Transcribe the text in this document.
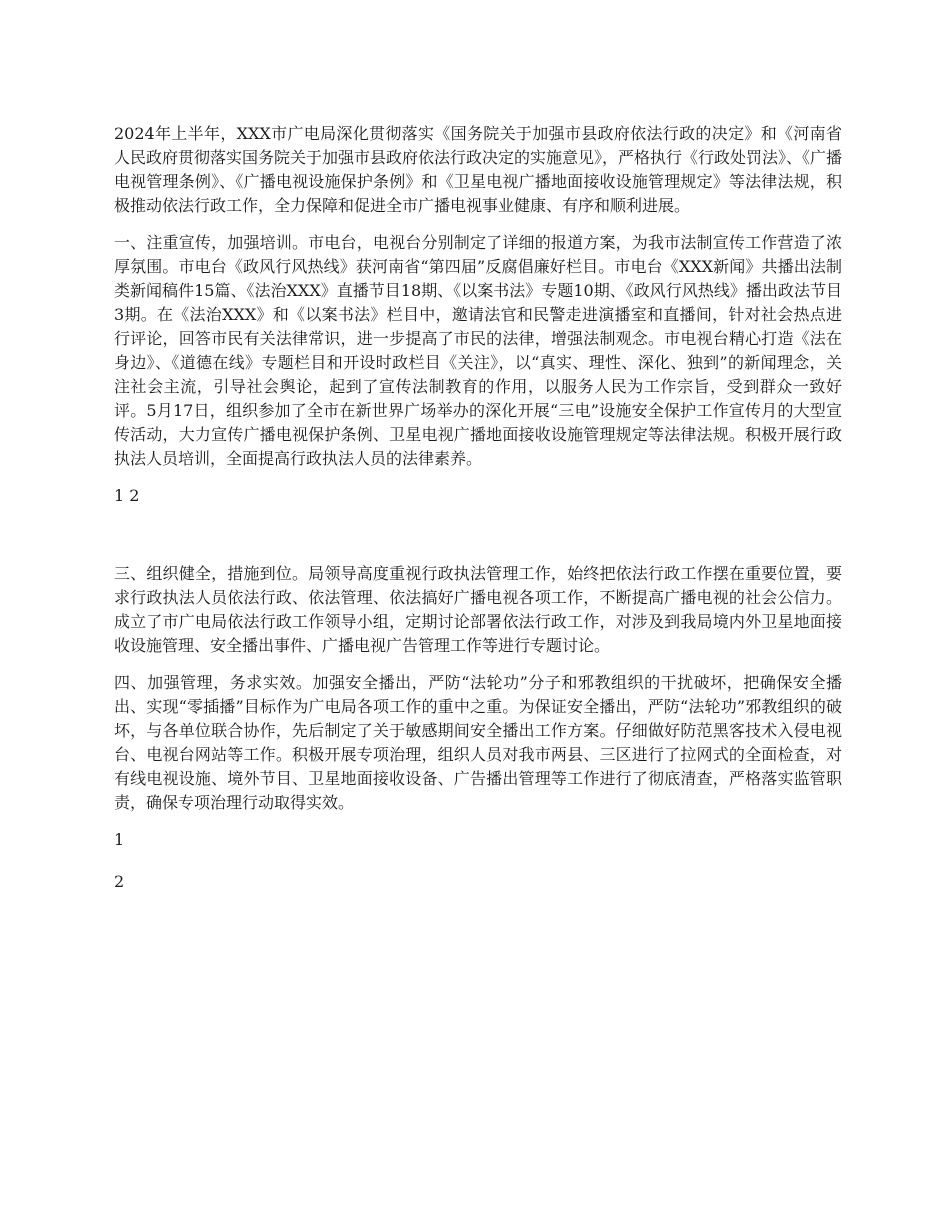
2024年上半年，XXX市广电局深化贯彻落实《国务院关于加强市县政府依法行政的决定》和《河南省人民政府贯彻落实国务院关于加强市县政府依法行政决定的实施意见》，严格执行《行政处罚法》、《广播电视管理条例》、《广播电视设施保护条例》和《卫星电视广播地面接收设施管理规定》等法律法规，积极推动依法行政工作，全力保障和促进全市广播电视事业健康、有序和顺利进展。

一、注重宣传，加强培训。市电台，电视台分别制定了详细的报道方案，为我市法制宣传工作营造了浓厚氛围。市电台《政风行风热线》获河南省“第四届”反腐倡廉好栏目。市电台《XXX新闻》共播出法制类新闻稿件15篇、《法治XXX》直播节目18期、《以案书法》专题10期、《政风行风热线》播出政法节目3期。在《法治XXX》和《以案书法》栏目中，邀请法官和民警走进演播室和直播间，针对社会热点进行评论，回答市民有关法律常识，进一步提高了市民的法律，增强法制观念。市电视台精心打造《法在身边》、《道德在线》专题栏目和开设时政栏目《关注》，以“真实、理性、深化、独到”的新闻理念，关注社会主流，引导社会舆论，起到了宣传法制教育的作用，以服务人民为工作宗旨，受到群众一致好评。5月17日，组织参加了全市在新世界广场举办的深化开展“三电”设施安全保护工作宣传月的大型宣传活动，大力宣传广播电视保护条例、卫星电视广播地面接收设施管理规定等法律法规。积极开展行政执法人员培训，全面提高行政执法人员的法律素养。

1 2

三、组织健全，措施到位。局领导高度重视行政执法管理工作，始终把依法行政工作摆在重要位置，要求行政执法人员依法行政、依法管理、依法搞好广播电视各项工作，不断提高广播电视的社会公信力。成立了市广电局依法行政工作领导小组，定期讨论部署依法行政工作，对涉及到我局境内外卫星地面接收设施管理、安全播出事件、广播电视广告管理工作等进行专题讨论。

四、加强管理，务求实效。加强安全播出，严防“法轮功”分子和邪教组织的干扰破坏，把确保安全播出、实现“零插播”目标作为广电局各项工作的重中之重。为保证安全播出，严防“法轮功”邪教组织的破坏，与各单位联合协作，先后制定了关于敏感期间安全播出工作方案。仔细做好防范黑客技术入侵电视台、电视台网站等工作。积极开展专项治理，组织人员对我市两县、三区进行了拉网式的全面检查，对有线电视设施、境外节目、卫星地面接收设备、广告播出管理等工作进行了彻底清查，严格落实监管职责，确保专项治理行动取得实效。

1

2
